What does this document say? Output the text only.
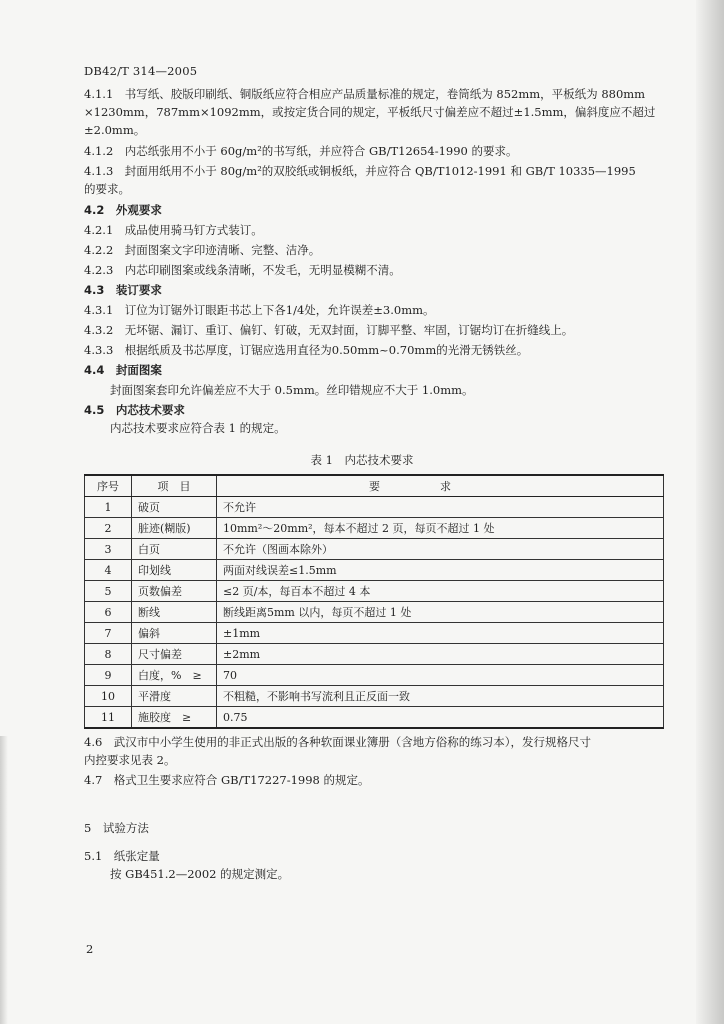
DB42/T 314—2005
4.1.1　书写纸、胶版印刷纸、铜版纸应符合相应产品质量标准的规定，卷筒纸为 852mm，平板纸为 880mm
×1230mm，787mm×1092mm，或按定货合同的规定，平板纸尺寸偏差应不超过±1.5mm，偏斜度应不超过
±2.0mm。
4.1.2　内芯纸张用不小于 60g/m²的书写纸，并应符合 GB/T12654-1990 的要求。
4.1.3　封面用纸用不小于 80g/m²的双胶纸或铜板纸，并应符合 QB/T1012-1991 和 GB/T 10335—1995
的要求。
4.2　外观要求
4.2.1　成品使用骑马钉方式装订。
4.2.2　封面图案文字印迹清晰、完整、洁净。
4.2.3　内芯印刷图案或线条清晰，不发毛，无明显模糊不清。
4.3　装订要求
4.3.1　订位为订锯外订眼距书芯上下各1/4处，允许误差±3.0mm。
4.3.2　无坏锯、漏订、重订、偏钉、钉破，无双封面，订脚平整、牢固，订锯均订在折缝线上。
4.3.3　根据纸质及书芯厚度，订锯应选用直径为0.50mm~0.70mm的光滑无锈铁丝。
4.4　封面图案
封面图案套印允许偏差应不大于 0.5mm。丝印错规应不大于 1.0mm。
4.5　内芯技术要求
内芯技术要求应符合表 1 的规定。
表 1　内芯技术要求
序号	项　目	要求
1	破页	不允许
2	脏迹(糊版)	10mm²～20mm²，每本不超过 2 页，每页不超过 1 处
3	白页	不允许（图画本除外）
4	印划线	两面对线误差≤1.5mm
5	页数偏差	≤2 页/本，每百本不超过 4 本
6	断线	断线距离5mm 以内，每页不超过 1 处
7	偏斜	±1mm
8	尺寸偏差	±2mm
9	白度，%　≥	70
10	平滑度	不粗糙，不影响书写流利且正反面一致
11	施胶度　≥	0.75
4.6　武汉市中小学生使用的非正式出版的各种软面课业簿册（含地方俗称的练习本），发行规格尺寸
内控要求见表 2。
4.7　格式卫生要求应符合 GB/T17227-1998 的规定。
5　试验方法
5.1　纸张定量
按 GB451.2—2002 的规定测定。
2
